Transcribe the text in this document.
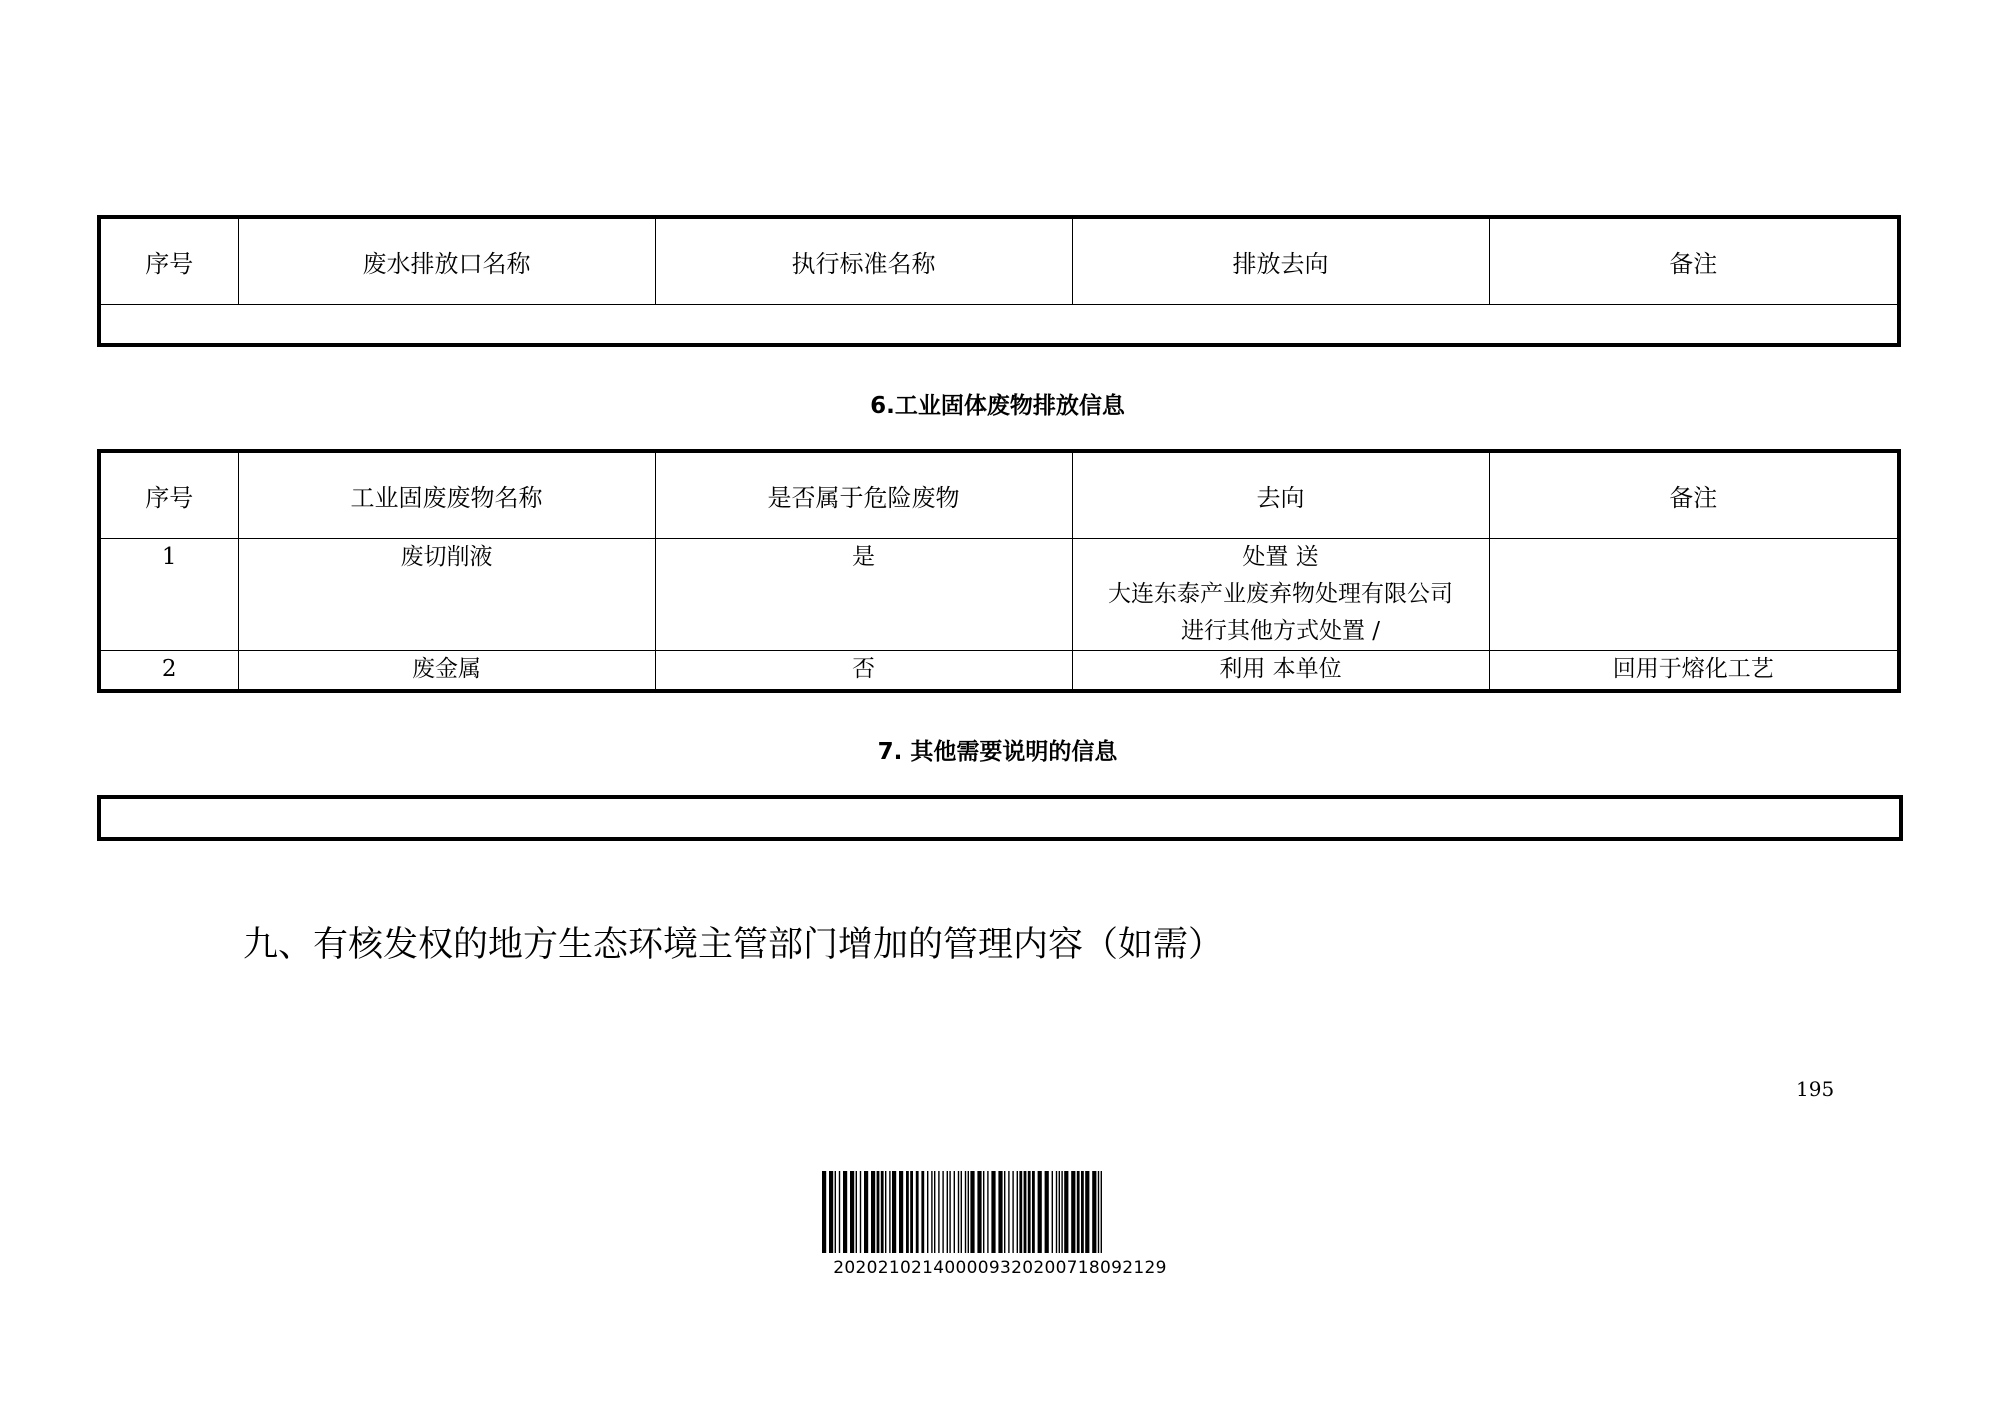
序号	废水排放口名称	执行标准名称	排放去向	备注

6.工业固体废物排放信息
序号	工业固废废物名称	是否属于危险废物	去向	备注
1	废切削液	是	处置 送
大连东泰产业废弃物处理有限公司
进行其他方式处置 /	

2	废金属	否	利用 本单位	回用于熔化工艺
7. 其他需要说明的信息
九、有核发权的地方生态环境主管部门增加的管理内容（如需）
195
202021021400009320200718092129
